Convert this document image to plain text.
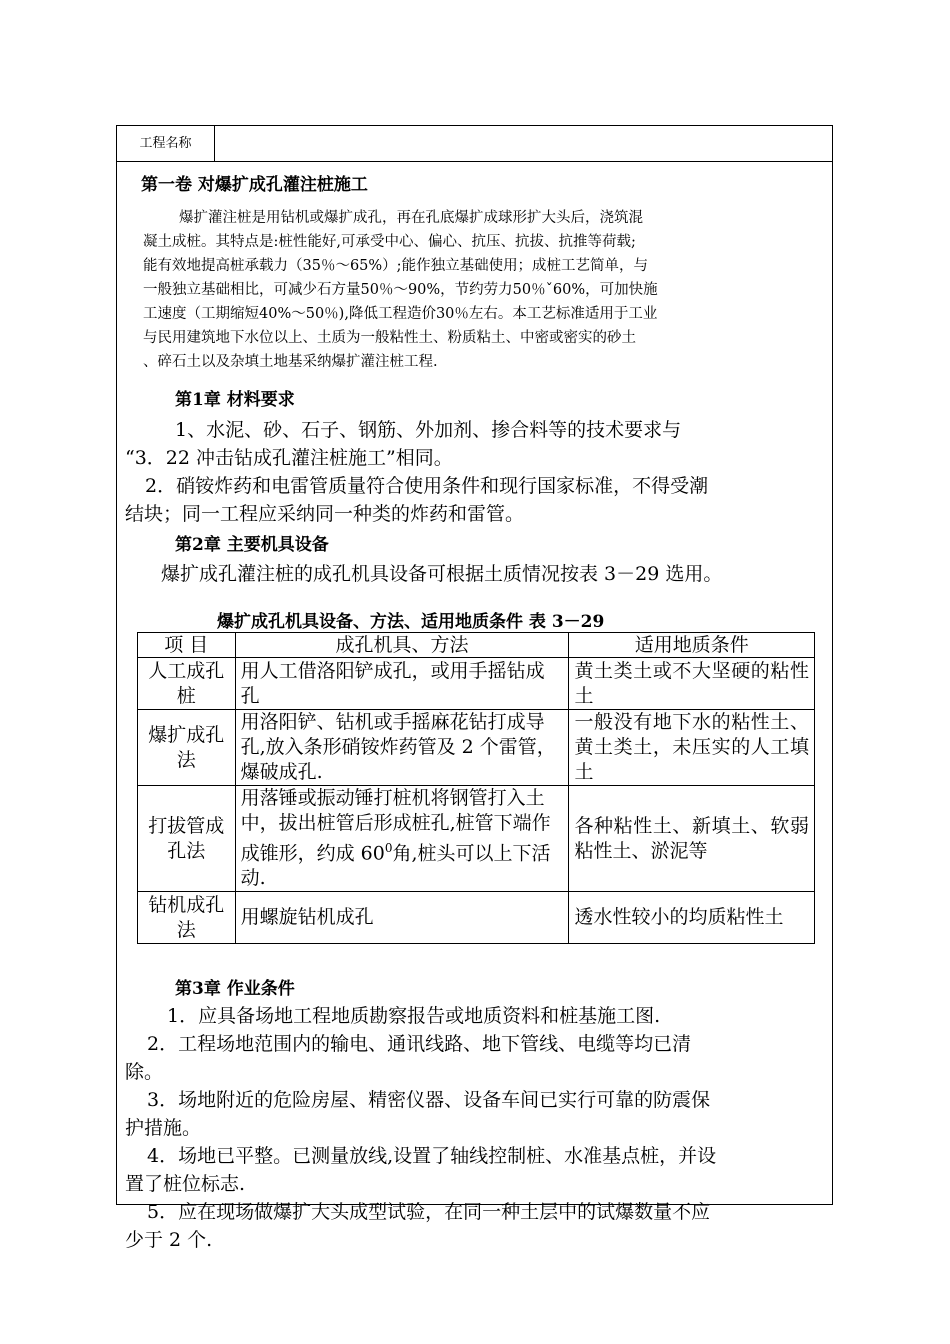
工程名称
第一卷 对爆扩成孔灌注桩施工
爆扩灌注桩是用钻机或爆扩成孔，再在孔底爆扩成球形扩大头后，浇筑混
凝土成桩。其特点是:桩性能好,可承受中心、偏心、抗压、抗拔、抗推等荷载;
能有效地提高桩承载力（35％～65%）;能作独立基础使用；成桩工艺简单，与
一般独立基础相比，可减少石方量50％～90%，节约劳力50％ˇ60%，可加快施
工速度（工期缩短40%～50％),降低工程造价30％左右。本工艺标准适用于工业
与民用建筑地下水位以上、土质为一般粘性土、粉质粘土、中密或密实的砂土
、碎石土以及杂填土地基采纳爆扩灌注桩工程.
第1章 材料要求
1、水泥、砂、石子、钢筋、外加剂、掺合料等的技术要求与
“3．22 冲击钻成孔灌注桩施工”相同。
2．硝铵炸药和电雷管质量符合使用条件和现行国家标准，不得受潮
结块；同一工程应采纳同一种类的炸药和雷管。
第2章 主要机具设备
爆扩成孔灌注桩的成孔机具设备可根据土质情况按表 3－29 选用。
爆扩成孔机具设备、方法、适用地质条件 表 3－29
项 目	成孔机具、方法	适用地质条件
人工成孔桩	用人工借洛阳铲成孔，或用手摇钻成孔	黄土类土或不大坚硬的粘性土
爆扩成孔法	用洛阳铲、钻机或手摇麻花钻打成导孔,放入条形硝铵炸药管及 2 个雷管，爆破成孔.	一般没有地下水的粘性土、黄土类土，未压实的人工填土
打拔管成孔法	用落锤或振动锤打桩机将钢管打入土中，拔出桩管后形成桩孔,桩管下端作成锥形，约成 $60^0$角,桩头可以上下活动.	各种粘性土、新填土、软弱粘性土、淤泥等
钻机成孔法	用螺旋钻机成孔	透水性较小的均质粘性土
第3章 作业条件
1．应具备场地工程地质勘察报告或地质资料和桩基施工图.
2．工程场地范围内的输电、通讯线路、地下管线、电缆等均已清
除。
3．场地附近的危险房屋、精密仪器、设备车间已实行可靠的防震保
护措施。
4．场地已平整。已测量放线,设置了轴线控制桩、水准基点桩，并设
置了桩位标志.
5．应在现场做爆扩大头成型试验，在同一种土层中的试爆数量不应
少于 2 个.
